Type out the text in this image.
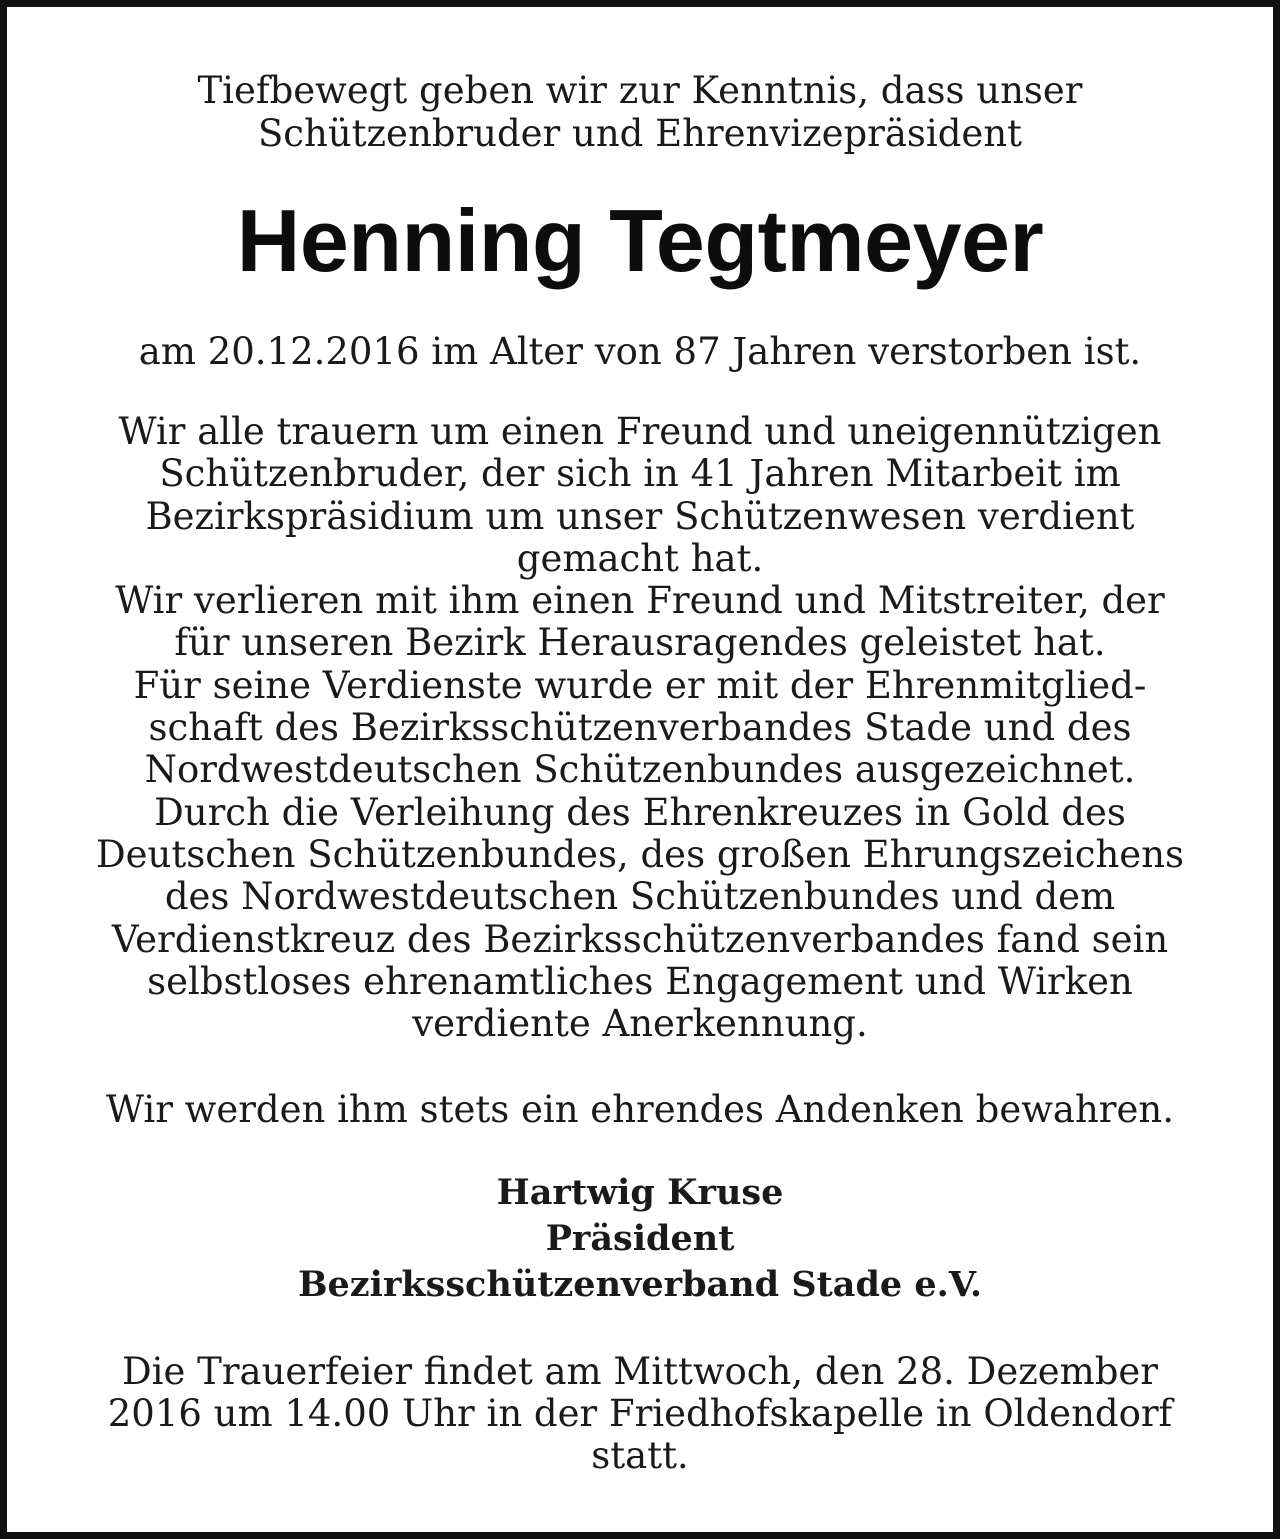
Tiefbewegt geben wir zur Kenntnis, dass unser
Schützenbruder und Ehrenvizepräsident
Henning Tegtmeyer
am 20.12.2016 im Alter von 87 Jahren verstorben ist.
Wir alle trauern um einen Freund und uneigennützigen
Schützenbruder, der sich in 41 Jahren Mitarbeit im
Bezirkspräsidium um unser Schützenwesen verdient
gemacht hat.
Wir verlieren mit ihm einen Freund und Mitstreiter, der
für unseren Bezirk Herausragendes geleistet hat.
Für seine Verdienste wurde er mit der Ehrenmitglied-
schaft des Bezirksschützenverbandes Stade und des
Nordwestdeutschen Schützenbundes ausgezeichnet.
Durch die Verleihung des Ehrenkreuzes in Gold des
Deutschen Schützenbundes, des großen Ehrungszeichens
des Nordwestdeutschen Schützenbundes und dem
Verdienstkreuz des Bezirksschützenverbandes fand sein
selbstloses ehrenamtliches Engagement und Wirken
verdiente Anerkennung.
Wir werden ihm stets ein ehrendes Andenken bewahren.
Hartwig Kruse
Präsident
Bezirksschützenverband Stade e.V.
Die Trauerfeier findet am Mittwoch, den 28. Dezember
2016 um 14.00 Uhr in der Friedhofskapelle in Oldendorf
statt.
